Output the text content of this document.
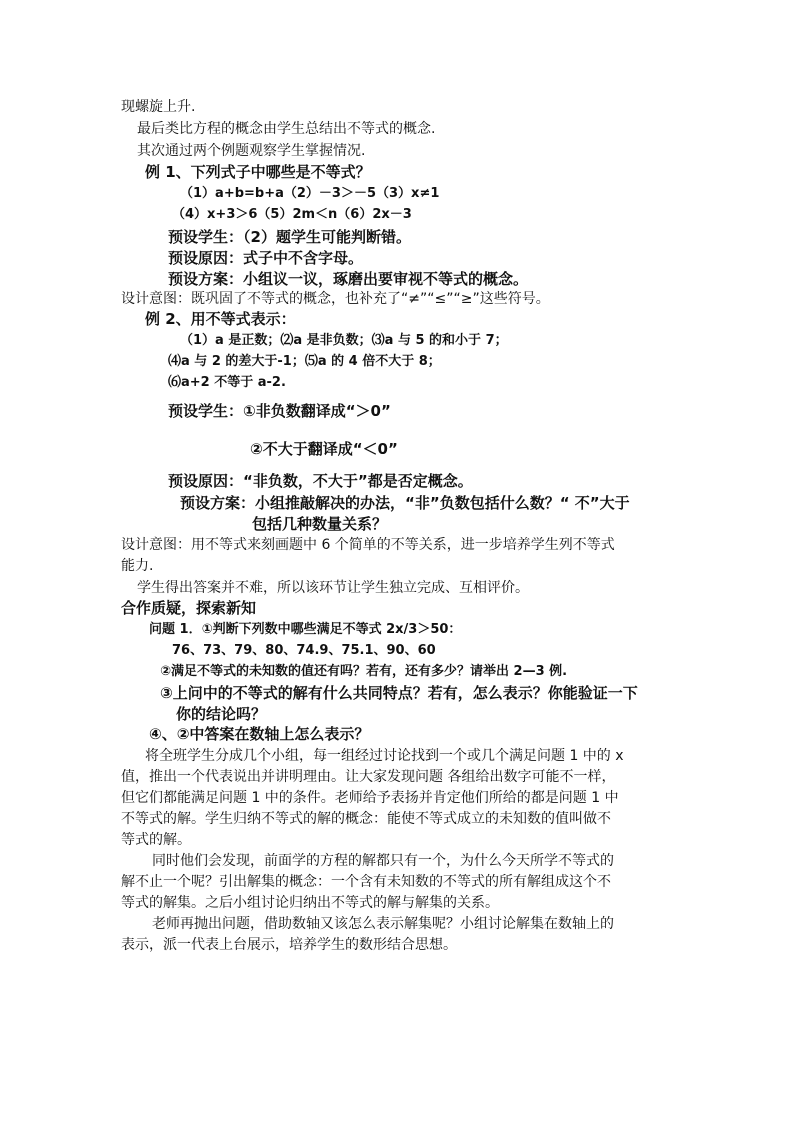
现螺旋上升.
最后类比方程的概念由学生总结出不等式的概念.
其次通过两个例题观察学生掌握情况.
例 1、下列式子中哪些是不等式？
（1）a+b=b+a（2）－3＞－5（3）x≠1
（4）x+3＞6（5）2m＜n（6）2x－3
预设学生：（2）题学生可能判断错。
预设原因：式子中不含字母。
预设方案：小组议一议，琢磨出要审视不等式的概念。
设计意图：既巩固了不等式的概念，也补充了“≠”“≤”“≥”这些符号。
例 2、用不等式表示：
（1）a 是正数；⑵a 是非负数；⑶a 与 5 的和小于 7；
⑷a 与 2 的差大于-1；⑸a 的 4 倍不大于 8；
⑹a+2 不等于 a-2.
预设学生：①非负数翻译成“＞0”
②不大于翻译成“＜0”
预设原因：“非负数，不大于”都是否定概念。
预设方案：小组推敲解决的办法，“非”负数包括什么数？“ 不”大于
包括几种数量关系？
设计意图：用不等式来刻画题中 6 个简单的不等关系，进一步培养学生列不等式
能力.
学生得出答案并不难，所以该环节让学生独立完成、互相评价。
合作质疑，探索新知
问题 1．①判断下列数中哪些满足不等式 2x/3＞50：
76、73、79、80、74.9、75.1、90、60
②满足不等式的未知数的值还有吗？若有，还有多少？请举出 2—3 例.
③上问中的不等式的解有什么共同特点？若有，怎么表示？你能验证一下
你的结论吗？
④、②中答案在数轴上怎么表示？
将全班学生分成几个小组，每一组经过讨论找到一个或几个满足问题 1 中的 x
值，推出一个代表说出并讲明理由。让大家发现问题 各组给出数字可能不一样，
但它们都能满足问题 1 中的条件。老师给予表扬并肯定他们所给的都是问题 1 中
不等式的解。学生归纳不等式的解的概念：能使不等式成立的未知数的值叫做不
等式的解。
同时他们会发现，前面学的方程的解都只有一个，为什么今天所学不等式的
解不止一个呢？引出解集的概念：一个含有未知数的不等式的所有解组成这个不
等式的解集。之后小组讨论归纳出不等式的解与解集的关系。
老师再抛出问题，借助数轴又该怎么表示解集呢？小组讨论解集在数轴上的
表示，派一代表上台展示，培养学生的数形结合思想。
